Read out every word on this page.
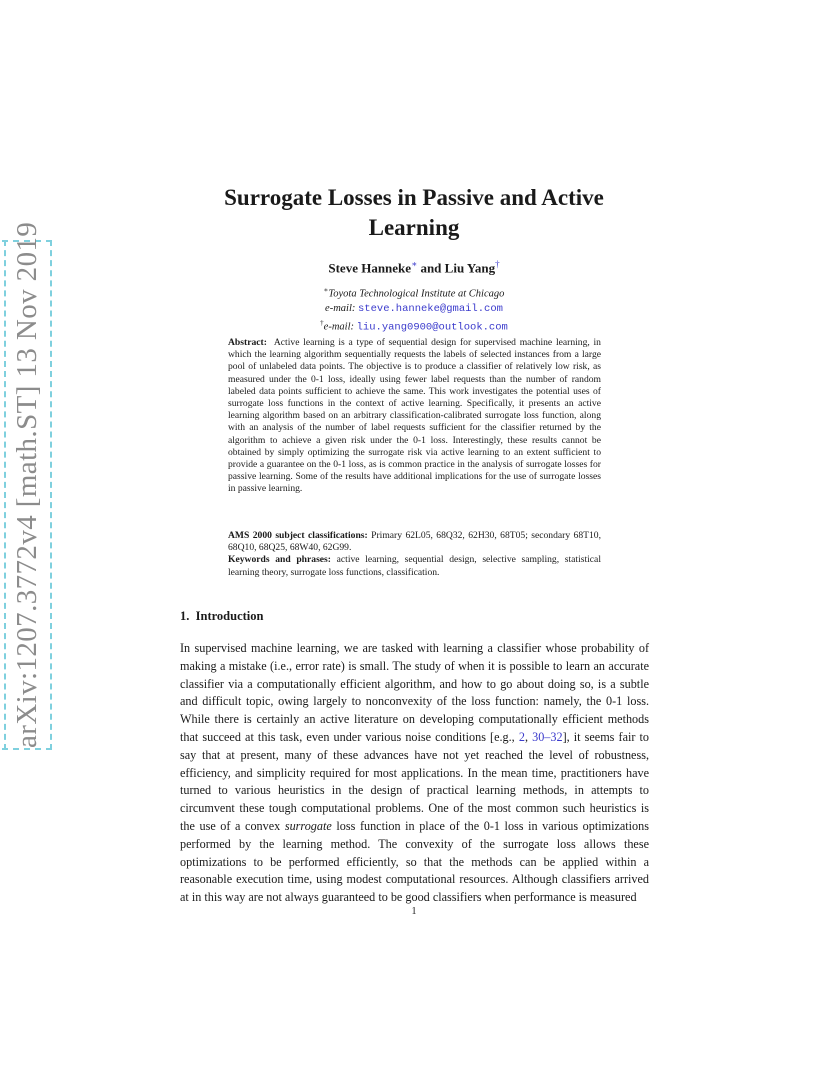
arXiv:1207.3772v4 [math.ST] 13 Nov 2019
Surrogate Losses in Passive and Active
Learning
Steve Hanneke∗ and Liu Yang†
∗Toyota Technological Institute at Chicago
e-mail: steve.hanneke@gmail.com
†e-mail: liu.yang0900@outlook.com
Abstract: Active learning is a type of sequential design for supervised machine learning, in which the learning algorithm sequentially requests the labels of selected instances from a large pool of unlabeled data points. The objective is to produce a classifier of relatively low risk, as measured under the 0-1 loss, ideally using fewer label requests than the number of random labeled data points sufficient to achieve the same. This work investigates the potential uses of surrogate loss functions in the context of active learning. Specifically, it presents an active learning algorithm based on an arbitrary classification-calibrated surrogate loss function, along with an analysis of the number of label requests sufficient for the classifier returned by the algorithm to achieve a given risk under the 0-1 loss. Interestingly, these results cannot be obtained by simply optimizing the surrogate risk via active learning to an extent sufficient to provide a guarantee on the 0-1 loss, as is common practice in the analysis of surrogate losses for passive learning. Some of the results have additional implications for the use of surrogate losses in passive learning.
AMS 2000 subject classifications: Primary 62L05, 68Q32, 62H30, 68T05; secondary 68T10, 68Q10, 68Q25, 68W40, 62G99.
Keywords and phrases: active learning, sequential design, selective sampling, statistical learning theory, surrogate loss functions, classification.
1. Introduction
In supervised machine learning, we are tasked with learning a classifier whose probability of making a mistake (i.e., error rate) is small. The study of when it is possible to learn an accurate classifier via a computationally efficient algorithm, and how to go about doing so, is a subtle and difficult topic, owing largely to nonconvexity of the loss function: namely, the 0-1 loss. While there is certainly an active literature on developing computationally efficient methods that succeed at this task, even under various noise conditions [e.g., 2, 30–32], it seems fair to say that at present, many of these advances have not yet reached the level of robustness, efficiency, and simplicity required for most applications. In the mean time, practitioners have turned to various heuristics in the design of practical learning methods, in attempts to circumvent these tough computational problems. One of the most common such heuristics is the use of a convex surrogate loss function in place of the 0-1 loss in various optimizations performed by the learning method. The convexity of the surrogate loss allows these optimizations to be performed efficiently, so that the methods can be applied within a reasonable execution time, using modest computational resources. Although classifiers arrived at in this way are not always guaranteed to be good classifiers when performance is measured
1
